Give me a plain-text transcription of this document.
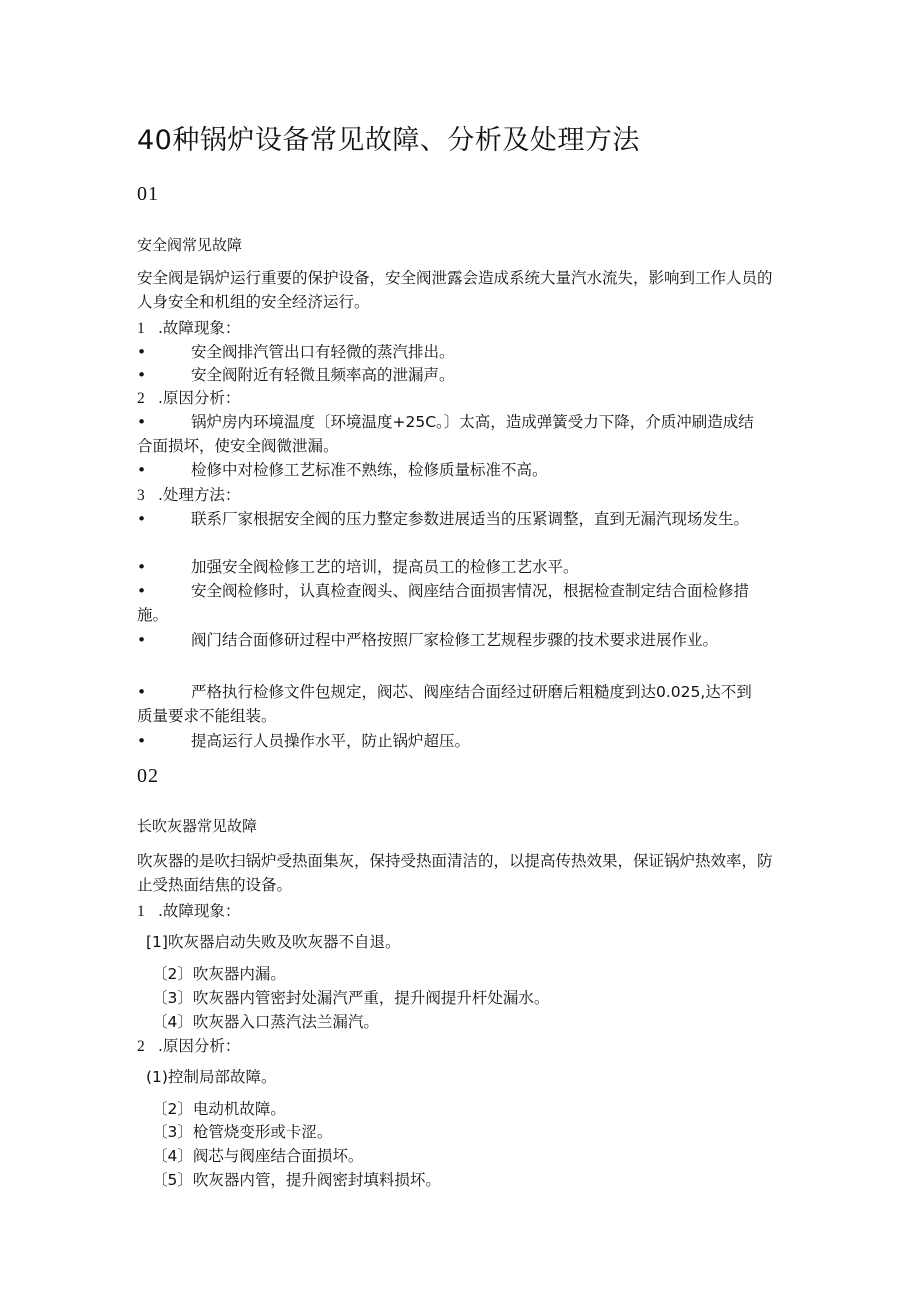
40种锅炉设备常见故障、分析及处理方法
01
安全阀常见故障

安全阀是锅炉运行重要的保护设备，安全阀泄露会造成系统大量汽水流失，影响到工作人员的人身安全和机组的安全经济运行。

1 .故障现象：

•	安全阀排汽管出口有轻微的蒸汽排出。

•	安全阀附近有轻微且频率高的泄漏声。

2 .原因分析：

•	锅炉房内环境温度〔环境温度+25C。〕太高，造成弹簧受力下降，介质冲刷造成结合面损坏，使安全阀微泄漏。

•	检修中对检修工艺标准不熟练，检修质量标准不高。

3 .处理方法：

•	联系厂家根据安全阀的压力整定参数进展适当的压紧调整，直到无漏汽现场发生。

•	加强安全阀检修工艺的培训，提高员工的检修工艺水平。

•	安全阀检修时，认真检查阀头、阀座结合面损害情况，根据检查制定结合面检修措施。

•	阀门结合面修研过程中严格按照厂家检修工艺规程步骤的技术要求进展作业。

•	严格执行检修文件包规定，阀芯、阀座结合面经过研磨后粗糙度到达0.025,达不到质量要求不能组装。

•	提高运行人员操作水平，防止锅炉超压。

02
长吹灰器常见故障

吹灰器的是吹扫锅炉受热面集灰，保持受热面清洁的，以提高传热效果，保证锅炉热效率，防止受热面结焦的设备。

1 .故障现象：
[1]吹灰器启动失败及吹灰器不自退。
〔2〕吹灰器内漏。
〔3〕吹灰器内管密封处漏汽严重，提升阀提升杆处漏水。
〔4〕吹灰器入口蒸汽法兰漏汽。
2 .原因分析：
(1)控制局部故障。
〔2〕电动机故障。
〔3〕枪管烧变形或卡涩。
〔4〕阀芯与阀座结合面损坏。
〔5〕吹灰器内管，提升阀密封填料损坏。
